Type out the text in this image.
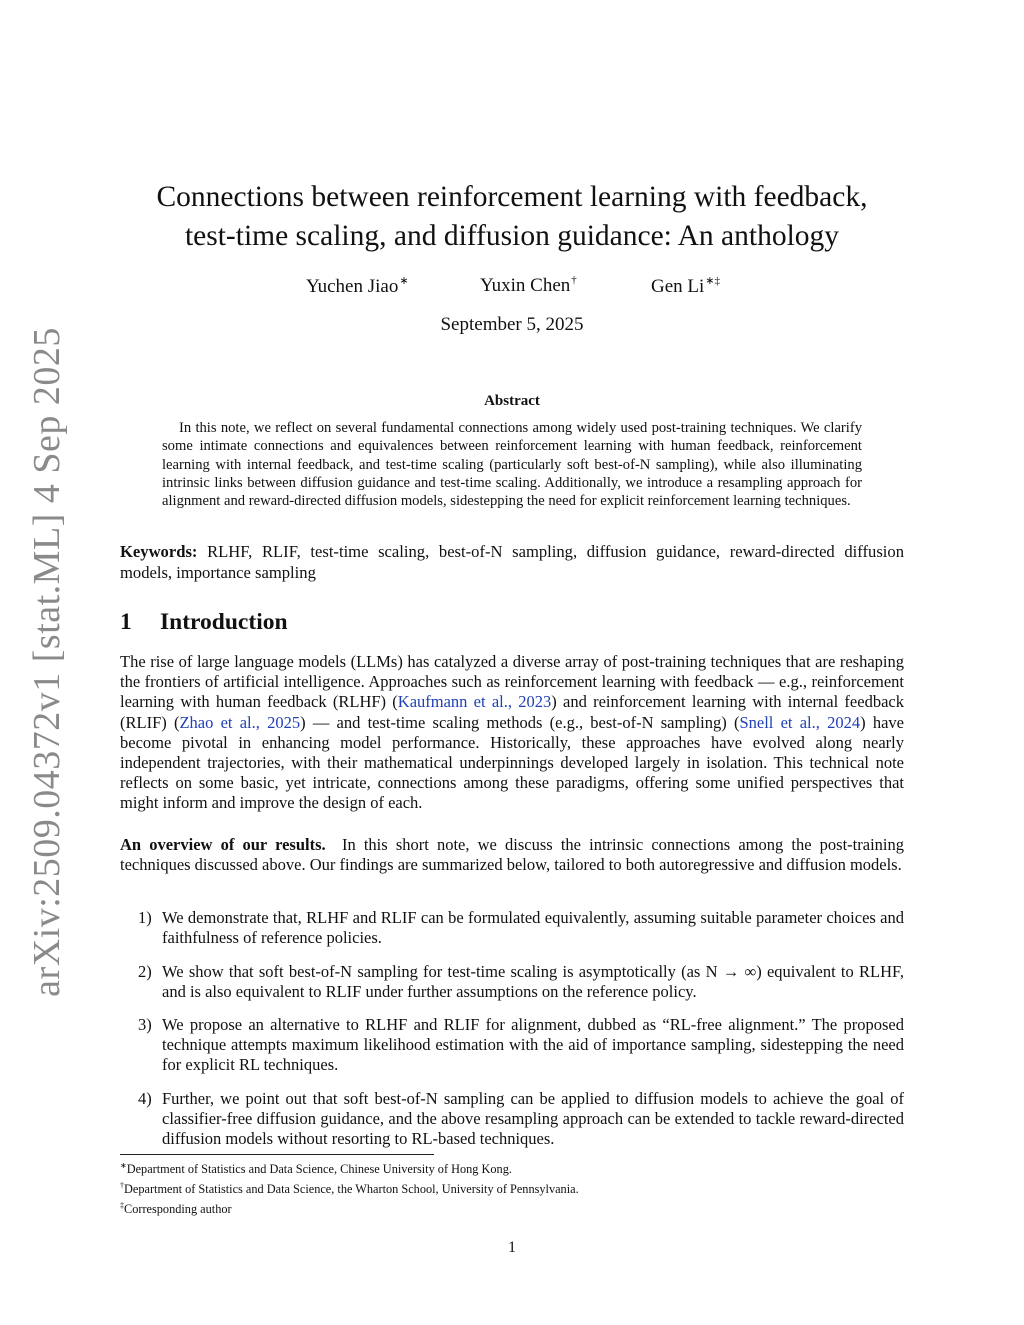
arXiv:2509.04372v1 [stat.ML] 4 Sep 2025
Connections between reinforcement learning with feedback,
test-time scaling, and diffusion guidance: An anthology
Yuchen Jiao∗	Yuxin Chen†	Gen Li∗‡
September 5, 2025
Abstract

In this note, we reflect on several fundamental connections among widely used post-training techniques. We clarify some intimate connections and equivalences between reinforcement learning with human feedback, reinforcement learning with internal feedback, and test-time scaling (particularly soft best-of-N sampling), while also illuminating intrinsic links between diffusion guidance and test-time scaling. Additionally, we introduce a resampling approach for alignment and reward-directed diffusion models, sidestepping the need for explicit reinforcement learning techniques.

Keywords: RLHF, RLIF, test-time scaling, best-of-N sampling, diffusion guidance, reward-directed diffusion models, importance sampling

1 Introduction

The rise of large language models (LLMs) has catalyzed a diverse array of post-training techniques that are reshaping the frontiers of artificial intelligence. Approaches such as reinforcement learning with feedback — e.g., reinforcement learning with human feedback (RLHF) (Kaufmann et al., 2023) and reinforcement learning with internal feedback (RLIF) (Zhao et al., 2025) — and test-time scaling methods (e.g., best-of-N sampling) (Snell et al., 2024) have become pivotal in enhancing model performance. Historically, these approaches have evolved along nearly independent trajectories, with their mathematical underpinnings developed largely in isolation. This technical note reflects on some basic, yet intricate, connections among these paradigms, offering some unified perspectives that might inform and improve the design of each.

An overview of our results. In this short note, we discuss the intrinsic connections among the post-training techniques discussed above. Our findings are summarized below, tailored to both autoregressive and diffusion models.

1) We demonstrate that, RLHF and RLIF can be formulated equivalently, assuming suitable parameter choices and faithfulness of reference policies.
2) We show that soft best-of-N sampling for test-time scaling is asymptotically (as N → ∞) equivalent to RLHF, and is also equivalent to RLIF under further assumptions on the reference policy.
3) We propose an alternative to RLHF and RLIF for alignment, dubbed as “RL-free alignment.” The proposed technique attempts maximum likelihood estimation with the aid of importance sampling, sidestepping the need for explicit RL techniques.
4) Further, we point out that soft best-of-N sampling can be applied to diffusion models to achieve the goal of classifier-free diffusion guidance, and the above resampling approach can be extended to tackle reward-directed diffusion models without resorting to RL-based techniques.
∗Department of Statistics and Data Science, Chinese University of Hong Kong.
†Department of Statistics and Data Science, the Wharton School, University of Pennsylvania.
‡Corresponding author
1
